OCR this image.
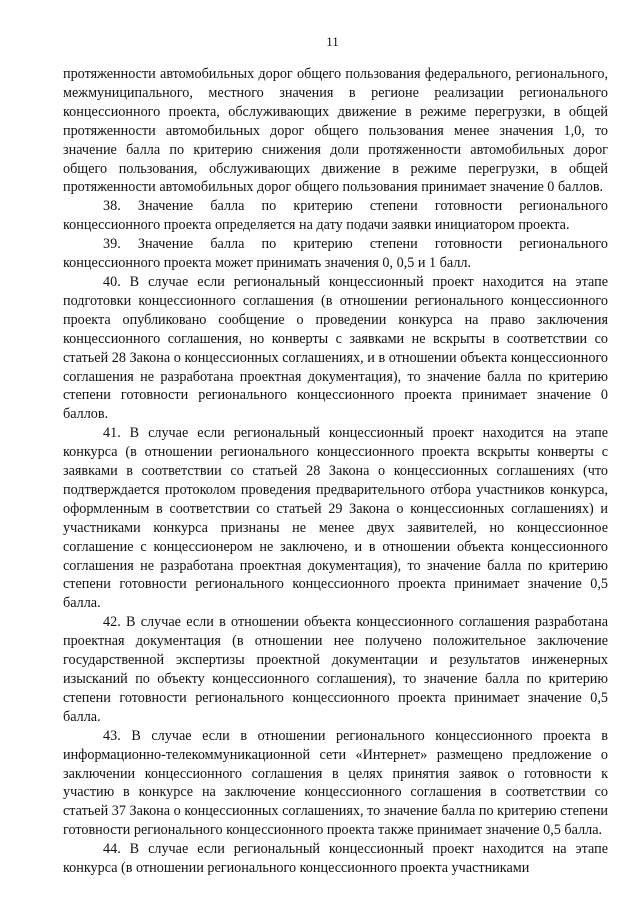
11

протяженности автомобильных дорог общего пользования федерального, регионального, межмуниципального, местного значения в регионе реализации регионального концессионного проекта, обслуживающих движение в режиме перегрузки, в общей протяженности автомобильных дорог общего пользования менее значения 1,0, то значение балла по критерию снижения доли протяженности автомобильных дорог общего пользования, обслуживающих движение в режиме перегрузки, в общей протяженности автомобильных дорог общего пользования принимает значение 0 баллов.

38. Значение балла по критерию степени готовности регионального концессионного проекта определяется на дату подачи заявки инициатором проекта.

39. Значение балла по критерию степени готовности регионального концессионного проекта может принимать значения 0, 0,5 и 1 балл.

40. В случае если региональный концессионный проект находится на этапе подготовки концессионного соглашения (в отношении регионального концессионного проекта опубликовано сообщение о проведении конкурса на право заключения концессионного соглашения, но конверты с заявками не вскрыты в соответствии со статьей 28 Закона о концессионных соглашениях, и в отношении объекта концессионного соглашения не разработана проектная документация), то значение балла по критерию степени готовности регионального концессионного проекта принимает значение 0 баллов.

41. В случае если региональный концессионный проект находится на этапе конкурса (в отношении регионального концессионного проекта вскрыты конверты с заявками в соответствии со статьей 28 Закона о концессионных соглашениях (что подтверждается протоколом проведения предварительного отбора участников конкурса, оформленным в соответствии со статьей 29 Закона о концессионных соглашениях) и участниками конкурса признаны не менее двух заявителей, но концессионное соглашение с концессионером не заключено, и в отношении объекта концессионного соглашения не разработана проектная документация), то значение балла по критерию степени готовности регионального концессионного проекта принимает значение 0,5 балла.

42. В случае если в отношении объекта концессионного соглашения разработана проектная документация (в отношении нее получено положительное заключение государственной экспертизы проектной документации и результатов инженерных изысканий по объекту концессионного соглашения), то значение балла по критерию степени готовности регионального концессионного проекта принимает значение 0,5 балла.

43. В случае если в отношении регионального концессионного проекта в информационно-телекоммуникационной сети «Интернет» размещено предложение о заключении концессионного соглашения в целях принятия заявок о готовности к участию в конкурсе на заключение концессионного соглашения в соответствии со статьей 37 Закона о концессионных соглашениях, то значение балла по критерию степени готовности регионального концессионного проекта также принимает значение 0,5 балла.

44. В случае если региональный концессионный проект находится на этапе конкурса (в отношении регионального концессионного проекта участниками
